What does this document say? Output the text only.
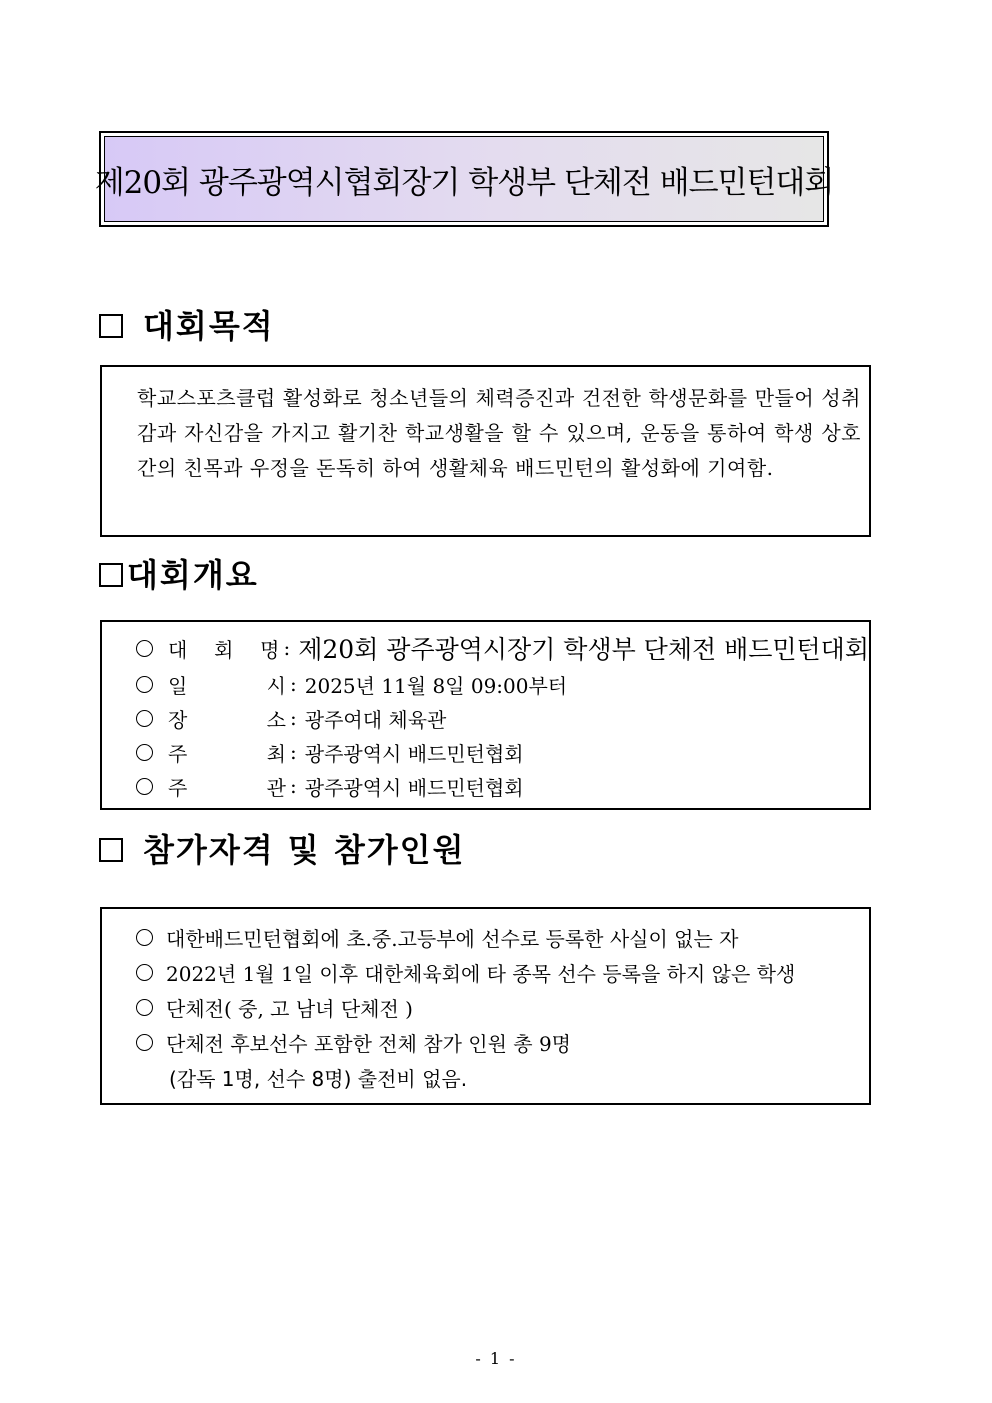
제20회 광주광역시협회장기 학생부 단체전 배드민턴대회
대회목적
학교스포츠클럽 활성화로 청소년들의 체력증진과 건전한 학생문화를 만들어 성취감과 자신감을 가지고 활기찬 학교생활을 할 수 있으며, 운동을 통하여 학생 상호간의 친목과 우정을 돈독히 하여 생활체육 배드민턴의 활성화에 기여함.
대회개요
대 회 명 : 제20회 광주광역시장기 학생부 단체전 배드민턴대회
일	시 : 2025년 11월 8일 09:00부터
장	소 : 광주여대 체육관
주	최 : 광주광역시 배드민턴협회
주	관 : 광주광역시 배드민턴협회
참가자격 및 참가인원
대한배드민턴협회에 초.중.고등부에 선수로 등록한 사실이 없는 자
2022년 1월 1일 이후 대한체육회에 타 종목 선수 등록을 하지 않은 학생
단체전( 중, 고 남녀 단체전 )
단체전 후보선수 포함한 전체 참가 인원 총 9명
(감독 1명, 선수 8명) 출전비 없음.
- 1 -
